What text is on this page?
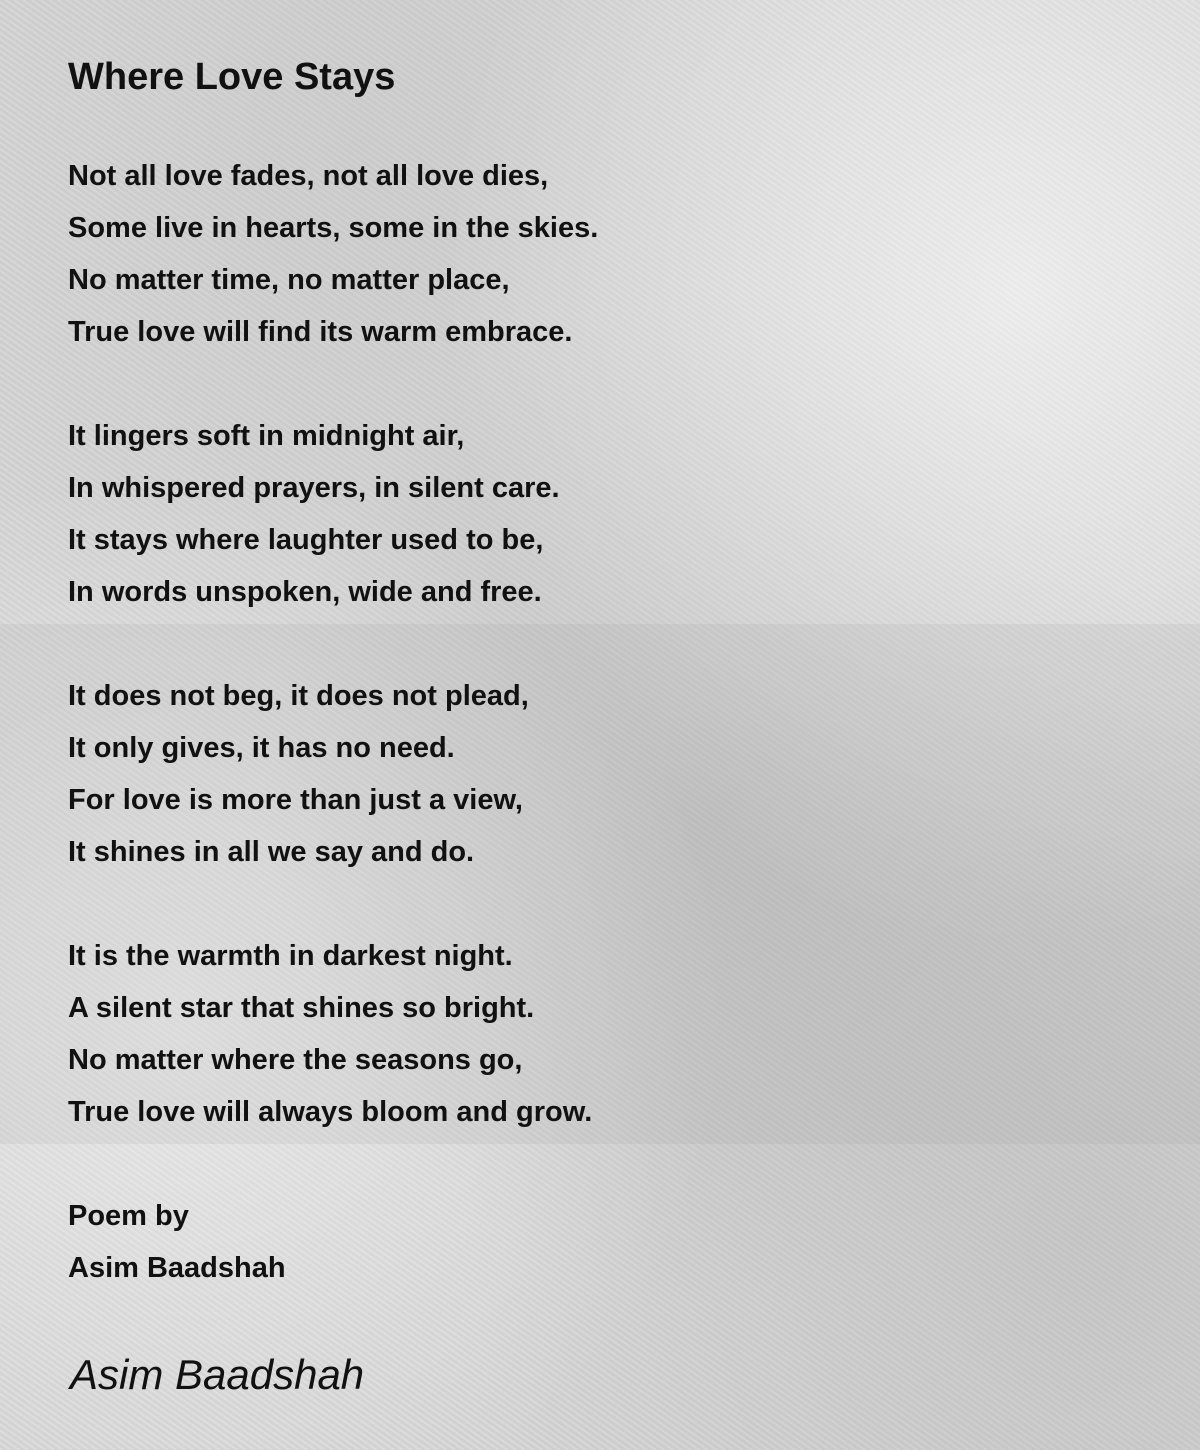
Where Love Stays
Not all love fades, not all love dies,
Some live in hearts, some in the skies.
No matter time, no matter place,
True love will find its warm embrace.
It lingers soft in midnight air,
In whispered prayers, in silent care.
It stays where laughter used to be,
In words unspoken, wide and free.
It does not beg, it does not plead,
It only gives, it has no need.
For love is more than just a view,
It shines in all we say and do.
It is the warmth in darkest night.
A silent star that shines so bright.
No matter where the seasons go,
True love will always bloom and grow.
Poem by
Asim Baadshah
Asim Baadshah
